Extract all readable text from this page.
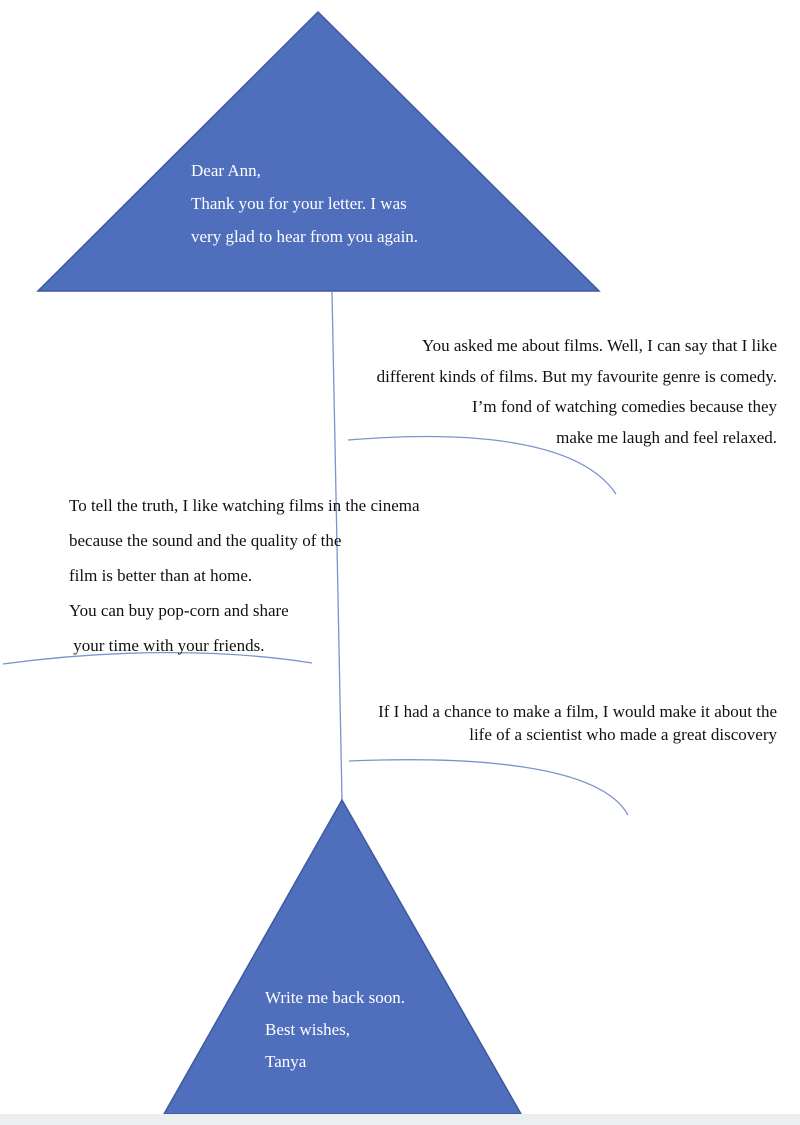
Dear Ann,
Thank you for your letter. I was
very glad to hear from you again.
You asked me about films. Well, I can say that I like
different kinds of films. But my favourite genre is comedy.
I’m fond of watching comedies because they
make me laugh and feel relaxed.
To tell the truth, I like watching films in the cinema
because the sound and the quality of the
film is better than at home.
You can buy pop-corn and share
your time with your friends.
If I had a chance to make a film, I would make it about the
life of a scientist who made a great discovery
Write me back soon.
Best wishes,
Tanya
